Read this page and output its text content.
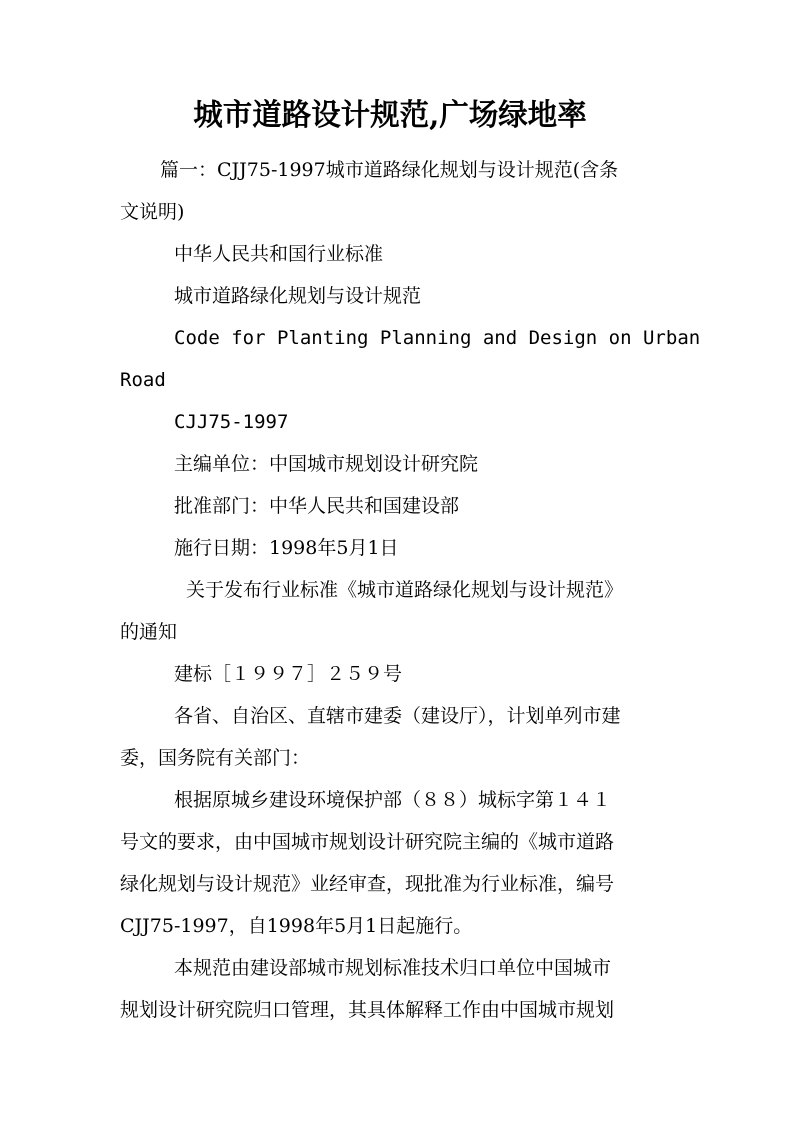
城市道路设计规范,广场绿地率
篇一：CJJ75-1997城市道路绿化规划与设计规范(含条
文说明)
中华人民共和国行业标准
城市道路绿化规划与设计规范
Code for Planting Planning and Design on Urban
Road
CJJ75-1997
主编单位：中国城市规划设计研究院
批准部门：中华人民共和国建设部
施行日期：1998年5月1日
关于发布行业标准《城市道路绿化规划与设计规范》
的通知
建标［１９９７］２５９号
各省、自治区、直辖市建委（建设厅），计划单列市建
委，国务院有关部门：
根据原城乡建设环境保护部（８８）城标字第１４１
号文的要求，由中国城市规划设计研究院主编的《城市道路
绿化规划与设计规范》业经审查，现批准为行业标准，编号
CJJ75-1997，自1998年5月1日起施行。
本规范由建设部城市规划标准技术归口单位中国城市
规划设计研究院归口管理，其具体解释工作由中国城市规划
